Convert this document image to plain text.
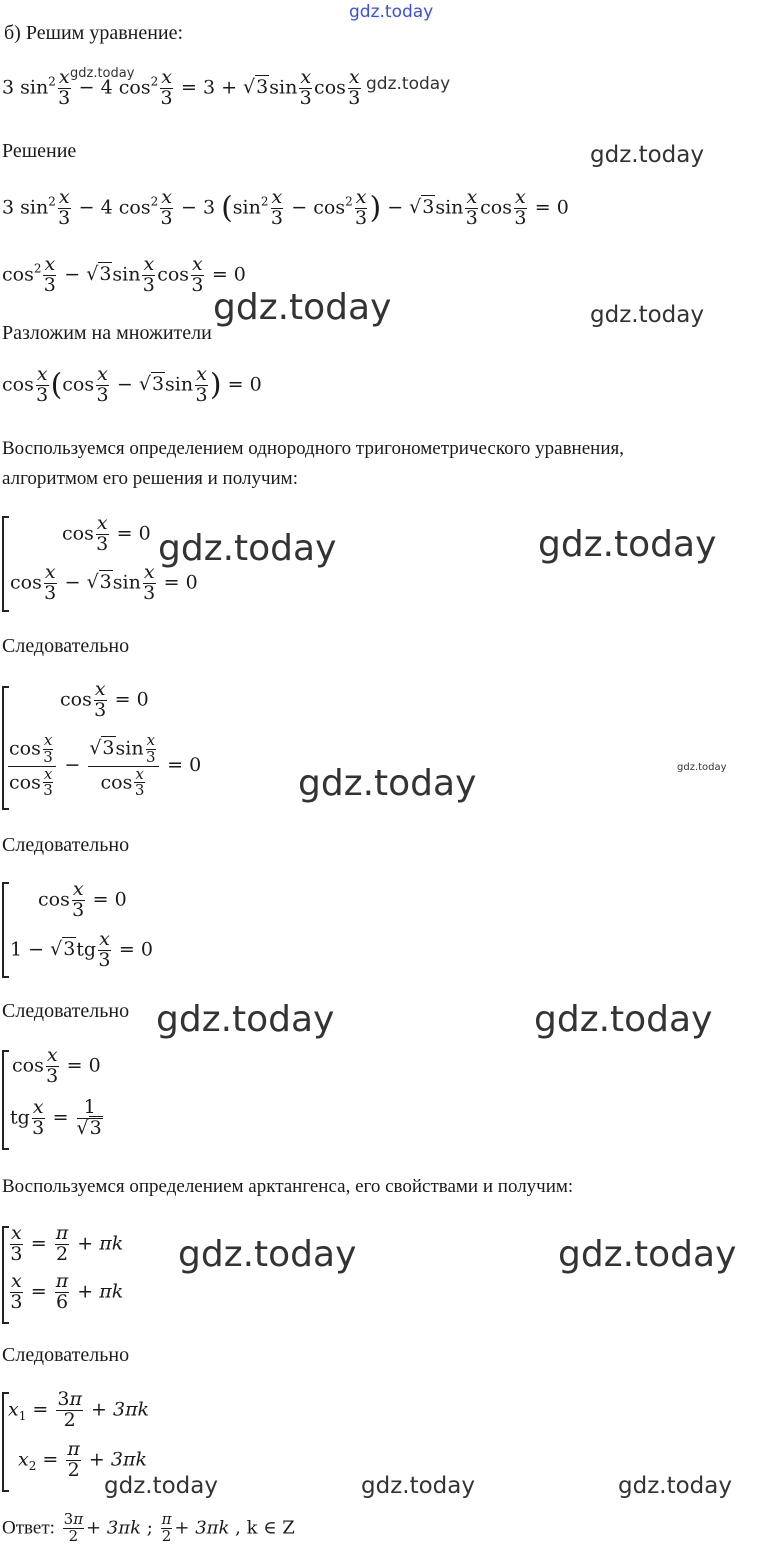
gdz.today
gdz.today
gdz.today	gdz.today
gdz.today	gdz.today
gdz.today	gdz.today
gdz.today	gdz.today
gdz.today	gdz.today
gdz.today	gdz.today	gdz.today
б) Решим уравнение:
3 $\sin^2 \frac{x}{3} - 4$ $\cos^2 \frac{x}{3} = 3 + √3\sin \frac{x}{3}$ $\cos \frac{x}{3}$
gdz.today
gdz.today
Решение
3 $\sin^2 \frac{x}{3} - 4$ $\cos^2 \frac{x}{3} - 3$ ($\sin^2 \frac{x}{3} - \cos^2 \frac{x}{3}$ ) − $√3\sin \frac{x}{3}$ $\cos \frac{x}{3} = 0$
$\cos^2 \frac{x}{3} - √3\sin \frac{x}{3}$ $\cos \frac{x}{3} = 0$
Разложим на множители
$\cos \frac{x}{3} (\cos \frac{x}{3} - √3\sin \frac{x}{3}$ ) = 0
Воспользуемся определением однородного тригонометрического уравнения,
алгоритмом его решения и получим:
$\cos \frac{x}{3} = 0$
$\cos \frac{x}{3} - √3\sin \frac{x}{3} = 0$
Следовательно
$\cos \frac{x}{3} = 0$
$\frac{\cos \frac{x}{3}}{\cos \frac{x}{3}} - \frac{√3\sin \frac{x}{3}}{\cos \frac{x}{3}} = 0$
Следовательно
$\cos \frac{x}{3} = 0$
$1 - √3tg \frac{x}{3} = 0$
Следовательно
$\cos \frac{x}{3} = 0$
tg $\frac{x}{3} = \frac{1}{√3}$
Воспользуемся определением арктангенса, его свойствами и получим:
$\frac{x}{3} = \frac{\pi}{2} + \pi k$
$\frac{x}{3} = \frac{\pi}{6} + \pi k$
Следовательно
$x_1 = \frac{3\pi}{2} + 3\pi k$
$x_2 = \frac{\pi}{2} + 3\pi k$
Ответ: $\frac{3\pi}{2} + 3\pi k$ ; $\frac{\pi}{2} + 3\pi k$ , k ∈ Z
